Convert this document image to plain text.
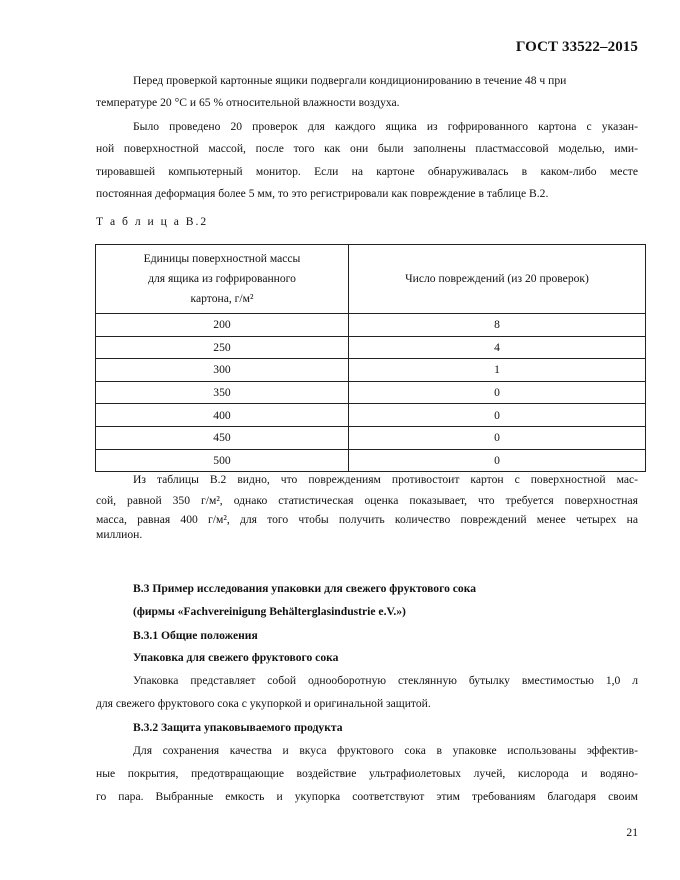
ГОСТ 33522–2015
Перед проверкой картонные ящики подвергали кондиционированию в течение 48 ч при
температуре 20 °С и 65 % относительной влажности воздуха.
Было проведено 20 проверок для каждого ящика из гофрированного картона с указан-
ной поверхностной массой, после того как они были заполнены пластмассовой моделью, ими-
тировавшей компьютерный монитор. Если на картоне обнаруживалась в каком-либо месте
постоянная деформация более 5 мм, то это регистрировали как повреждение в таблице В.2.
Т а б л и ц а В.2
Единицы поверхностной массы
для ящика из гофрированного
картона, г/м²	Число повреждений (из 20 проверок)
200	8
250	4
300	1
350	0
400	0
450	0
500	0
Из таблицы В.2 видно, что повреждениям противостоит картон с поверхностной мас-
сой, равной 350 г/м², однако статистическая оценка показывает, что требуется поверхностная
масса, равная 400 г/м², для того чтобы получить количество повреждений менее четырех на
миллион.
В.3 Пример исследования упаковки для свежего фруктового сока
(фирмы «Fachvereinigung Behälterglasindustrie e.V.»)
В.3.1 Общие положения
Упаковка для свежего фруктового сока
Упаковка представляет собой однооборотную стеклянную бутылку вместимостью 1,0 л
для свежего фруктового сока с укупоркой и оригинальной защитой.
В.3.2 Защита упаковываемого продукта
Для сохранения качества и вкуса фруктового сока в упаковке использованы эффектив-
ные покрытия, предотвращающие воздействие ультрафиолетовых лучей, кислорода и водяно-
го пара. Выбранные емкость и укупорка соответствуют этим требованиям благодаря своим
21
